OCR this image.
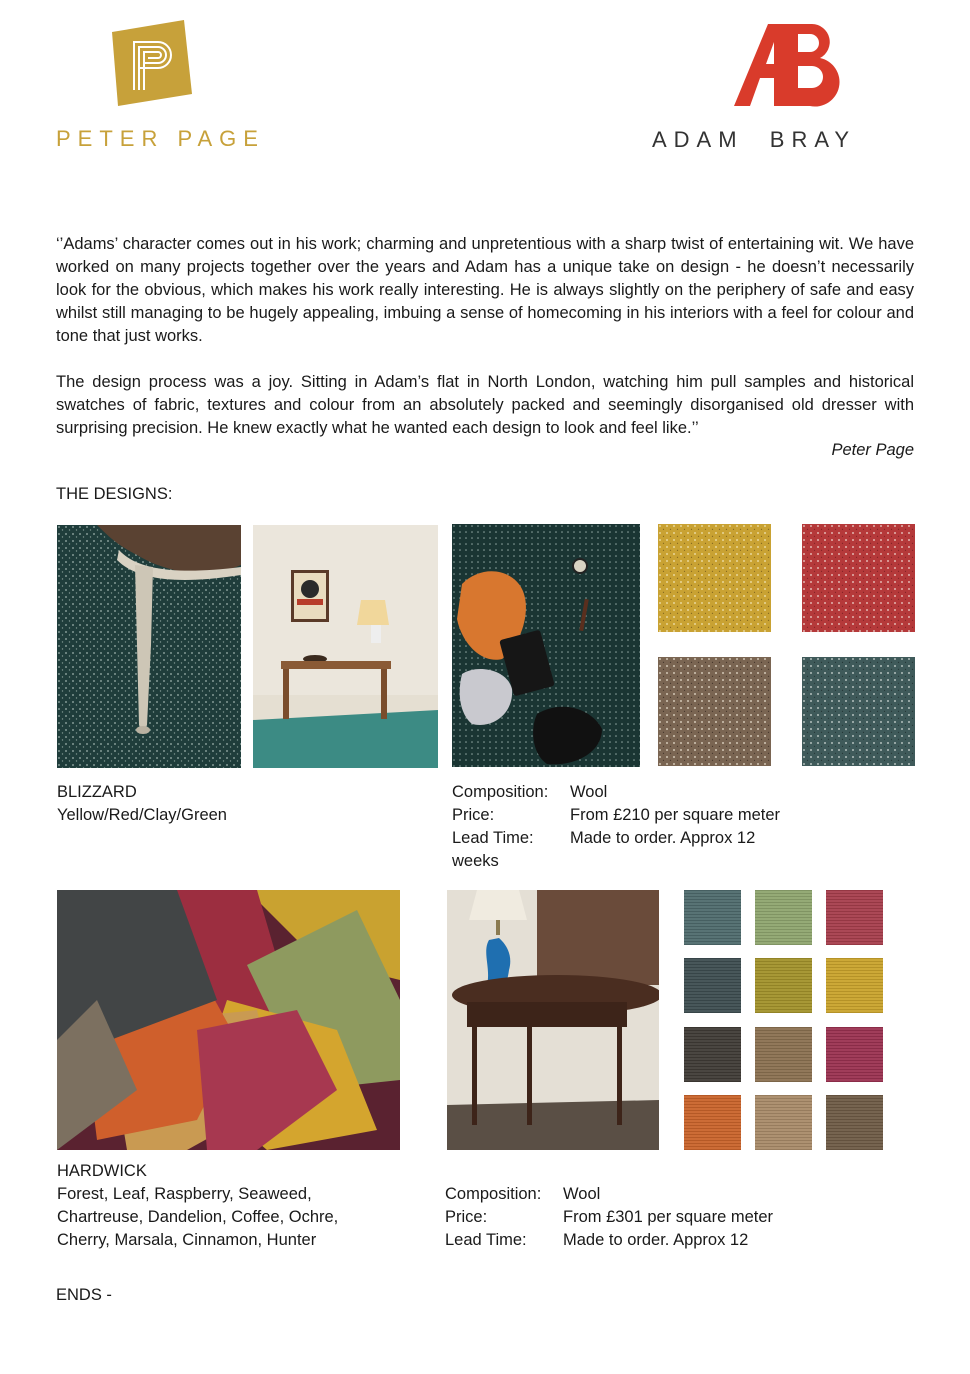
PETER PAGE	ADAM  BRAY

‘’Adams’ character comes out in his work; charming and unpretentious with a sharp twist of entertaining wit. We have worked on many projects together over the years and Adam has a unique take on design - he doesn’t necessarily look for the obvious, which makes his work really interesting. He is always slightly on the periphery of safe and easy whilst still managing to be hugely appealing, imbuing a sense of homecoming in his interiors with a feel for colour and tone that just works.

The design process was a joy. Sitting in Adam’s flat in North London, watching him pull samples and historical swatches of fabric, textures and colour from an absolutely packed and seemingly disorganised old dresser with surprising precision. He knew exactly what he wanted each design to look and feel like.’’

Peter Page
THE DESIGNS:
BLIZZARD
Yellow/Red/Clay/Green
Composition: Wool
Price:	From £210 per square meter
Lead Time: Made to order. Approx 12
weeks
HARDWICK
Forest, Leaf, Raspberry, Seaweed,
Chartreuse, Dandelion, Coffee, Ochre,
Cherry, Marsala, Cinnamon, Hunter
Composition: Wool
Price:	From £301 per square meter
Lead Time: Made to order. Approx 12
ENDS -
